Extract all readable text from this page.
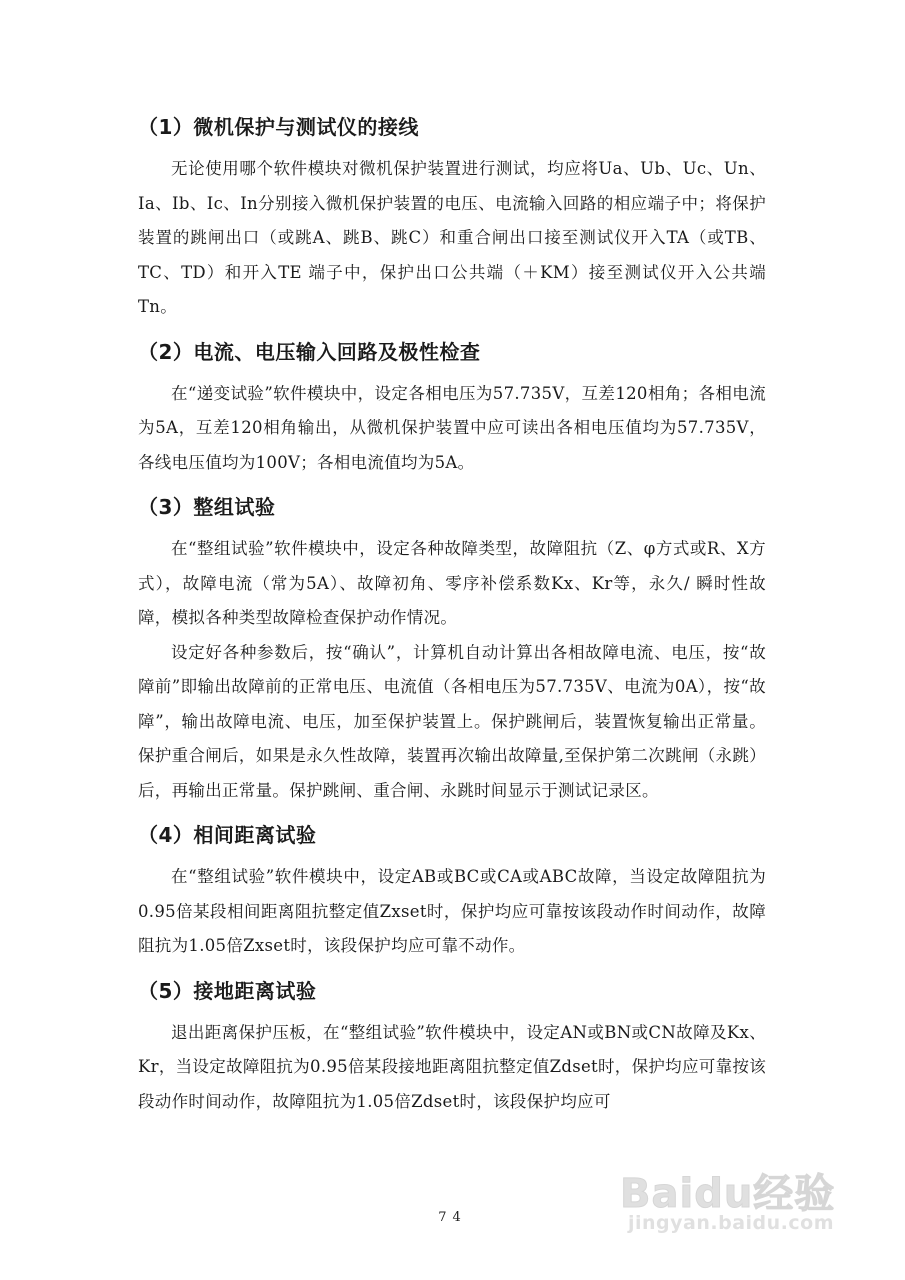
（1）微机保护与测试仪的接线

无论使用哪个软件模块对微机保护装置进行测试，均应将Ua、Ub、Uc、Un、Ia、Ib、Ic、In分别接入微机保护装置的电压、电流输入回路的相应端子中；将保护装置的跳闸出口（或跳A、跳B、跳C）和重合闸出口接至测试仪开入TA（或TB、TC、TD）和开入TE 端子中，保护出口公共端（＋KM）接至测试仪开入公共端Tn。

（2）电流、电压输入回路及极性检查

在“递变试验”软件模块中，设定各相电压为57.735V，互差120相角；各相电流为5A，互差120相角输出，从微机保护装置中应可读出各相电压值均为57.735V，各线电压值均为100V；各相电流值均为5A。

（3）整组试验

在“整组试验”软件模块中，设定各种故障类型，故障阻抗（Z、φ方式或R、X方式），故障电流（常为5A）、故障初角、零序补偿系数Kx、Kr等，永久/ 瞬时性故障，模拟各种类型故障检查保护动作情况。

设定好各种参数后，按“确认”，计算机自动计算出各相故障电流、电压，按“故障前”即输出故障前的正常电压、电流值（各相电压为57.735V、电流为0A），按“故障”，输出故障电流、电压，加至保护装置上。保护跳闸后，装置恢复输出正常量。保护重合闸后，如果是永久性故障，装置再次输出故障量,至保护第二次跳闸（永跳）后，再输出正常量。保护跳闸、重合闸、永跳时间显示于测试记录区。

（4）相间距离试验

在“整组试验”软件模块中，设定AB或BC或CA或ABC故障，当设定故障阻抗为0.95倍某段相间距离阻抗整定值Zxset时，保护均应可靠按该段动作时间动作，故障阻抗为1.05倍Zxset时，该段保护均应可靠不动作。

（5）接地距离试验

退出距离保护压板，在“整组试验”软件模块中，设定AN或BN或CN故障及Kx、Kr，当设定故障阻抗为0.95倍某段接地距离阻抗整定值Zdset时，保护均应可靠按该段动作时间动作，故障阻抗为1.05倍Zdset时，该段保护均应可

74
Baidu经验
jingyan.baidu.com
